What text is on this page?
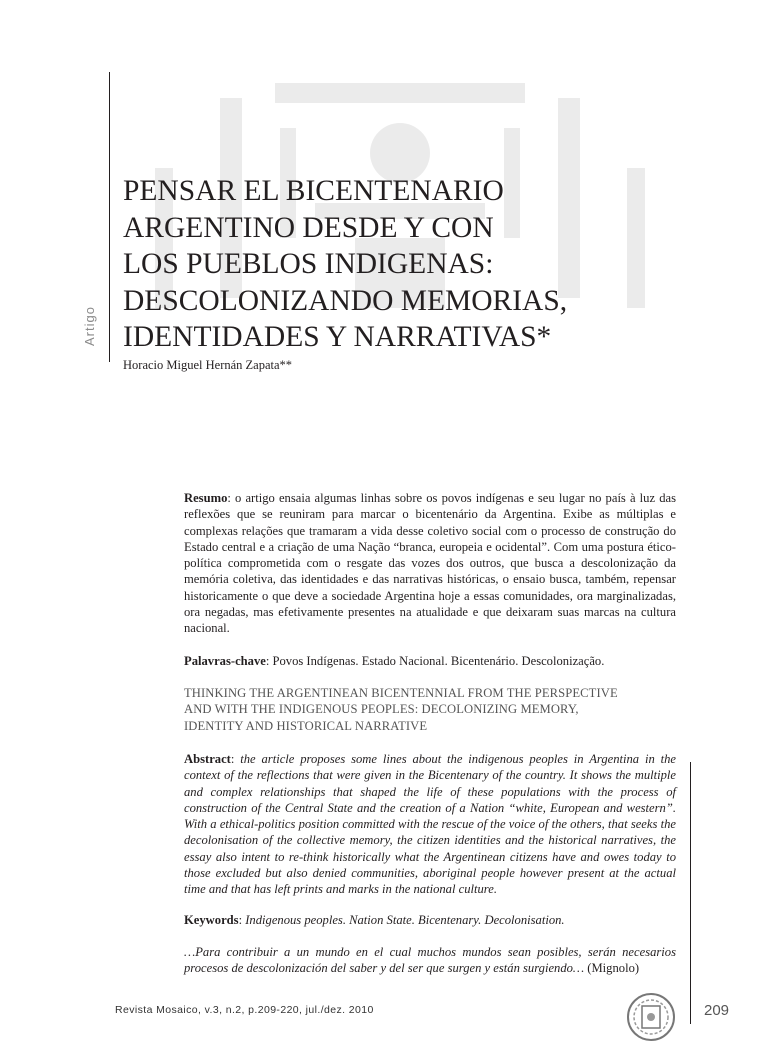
Artigo
PENSAR EL BICENTENARIO
ARGENTINO DESDE Y CON
LOS PUEBLOS INDIGENAS:
DESCOLONIZANDO MEMORIAS,
IDENTIDADES Y NARRATIVAS*
Horacio Miguel Hernán Zapata**

Resumo: o artigo ensaia algumas linhas sobre os povos indígenas e seu lugar no país à luz das reflexões que se reuniram para marcar o bicentenário da Argentina. Exibe as múltiplas e complexas relações que tramaram a vida desse coletivo social com o processo de construção do Estado central e a criação de uma Nação “branca, europeia e ocidental”. Com uma postura ético-política comprometida com o resgate das vozes dos outros, que busca a descolonização da memória coletiva, das identidades e das narrativas históricas, o ensaio busca, também, repensar historicamente o que deve a sociedade Argentina hoje a essas comunidades, ora marginalizadas, ora negadas, mas efetivamente presentes na atualidade e que deixaram suas marcas na cultura nacional.

Palavras-chave: Povos Indígenas. Estado Nacional. Bicentenário. Descolonização.

THINKING THE ARGENTINEAN BICENTENNIAL FROM THE PERSPECTIVE
AND WITH THE INDIGENOUS PEOPLES: DECOLONIZING MEMORY,
IDENTITY AND HISTORICAL NARRATIVE

Abstract: the article proposes some lines about the indigenous peoples in Argentina in the context of the reflections that were given in the Bicentenary of the country. It shows the multiple and complex relationships that shaped the life of these populations with the process of construction of the Central State and the creation of a Nation “white, European and western”. With a ethical-politics position committed with the rescue of the voice of the others, that seeks the decolonisation of the collective memory, the citizen identities and the historical narratives, the essay also intent to re-think historically what the Argentinean citizens have and owes today to those excluded but also denied communities, aboriginal people however present at the actual time and that has left prints and marks in the national culture.

Keywords: Indigenous peoples. Nation State. Bicentenary. Decolonisation.

…Para contribuir a un mundo en el cual muchos mundos sean posibles, serán necesarios procesos de descolonización del saber y del ser que surgen y están surgiendo… (Mignolo)

Revista Mosaico, v.3, n.2, p.209-220, jul./dez. 2010	209
